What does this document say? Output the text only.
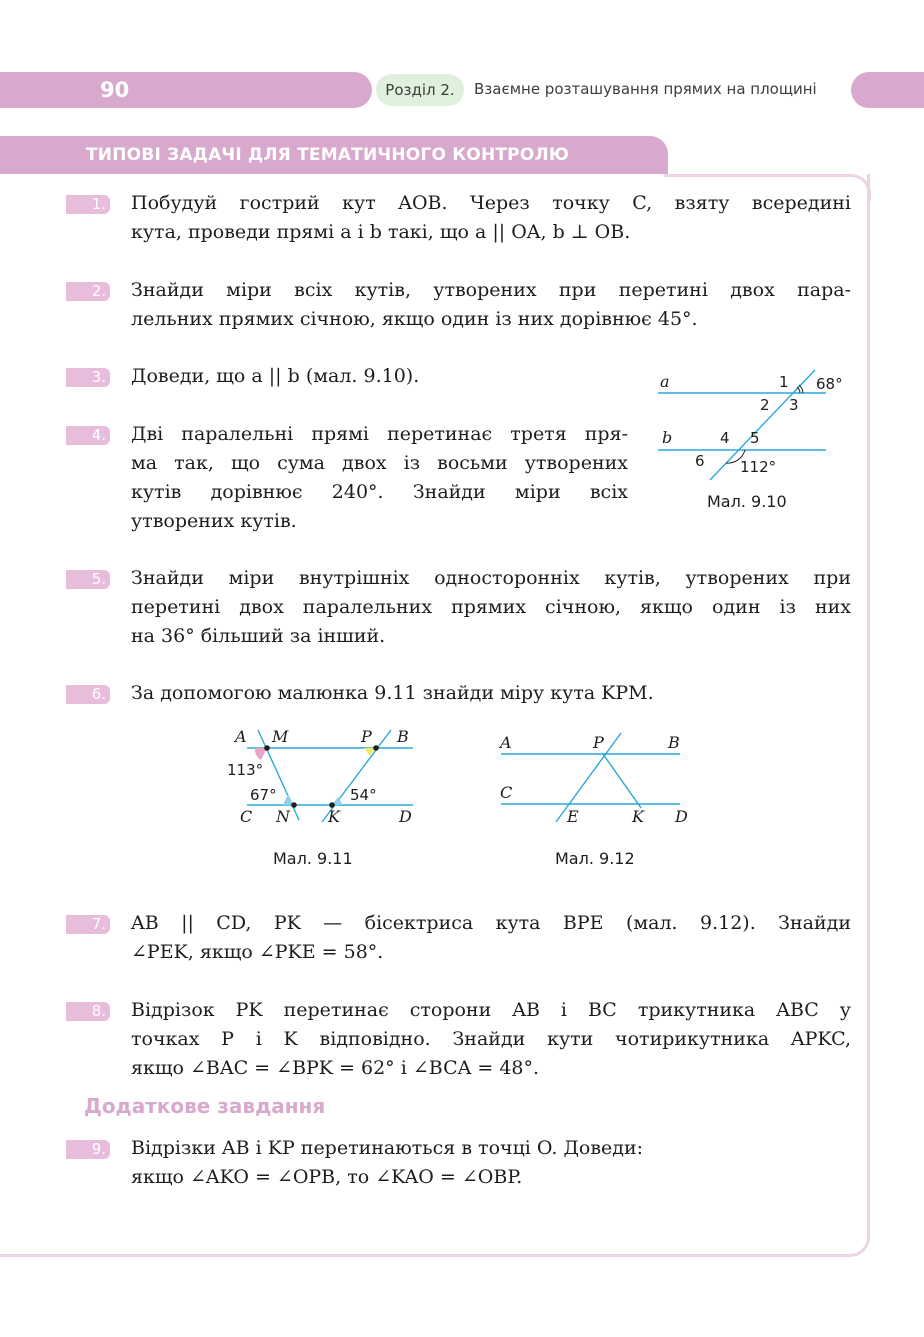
90	Розділ 2.	Взаємне розташування прямих на площині
ТИПОВІ ЗАДАЧІ ДЛЯ ТЕМАТИЧНОГО КОНТРОЛЮ
1. Побудуй гострий кут AOB. Через точку C, взяту всередині
кута, проведи прямі a і b такі, що a || OA, b ⊥ OB.
2. Знайди міри всіх кутів, утворених при перетині двох пара-
лельних прямих січною, якщо один із них дорівнює 45°.
3. Доведи, що a || b (мал. 9.10).
4. Дві паралельні прямі перетинає третя пря-
ма так, що сума двох із восьми утворених
кутів дорівнює 240°. Знайди міри всіх
утворених кутів.
a
b
1 68°
2 3
4 5
6 112°
Мал. 9.10
5. Знайди міри внутрішніх односторонніх кутів, утворених при
перетині двох паралельних прямих січною, якщо один із них
на 36° більший за інший.
6. За допомогою малюнка 9.11 знайди міру кута KPM.
A M	P B
113°
67°	54°
C N K	D
Мал. 9.11
A	P	B
C
E	K D
Мал. 9.12
7. AB || CD, PK — бісектриса кута BPE (мал. 9.12). Знайди
∠PEK, якщо ∠PKE = 58°.
8. Відрізок PK перетинає сторони AB і BC трикутника ABC у
точках P і K відповідно. Знайди кути чотирикутника APKC,
якщо ∠BAC = ∠BPK = 62° і ∠BCA = 48°.
Додаткове завдання
9. Відрізки AB і KP перетинаються в точці O. Доведи:
якщо ∠AKO = ∠OPB, то ∠KAO = ∠OBP.
